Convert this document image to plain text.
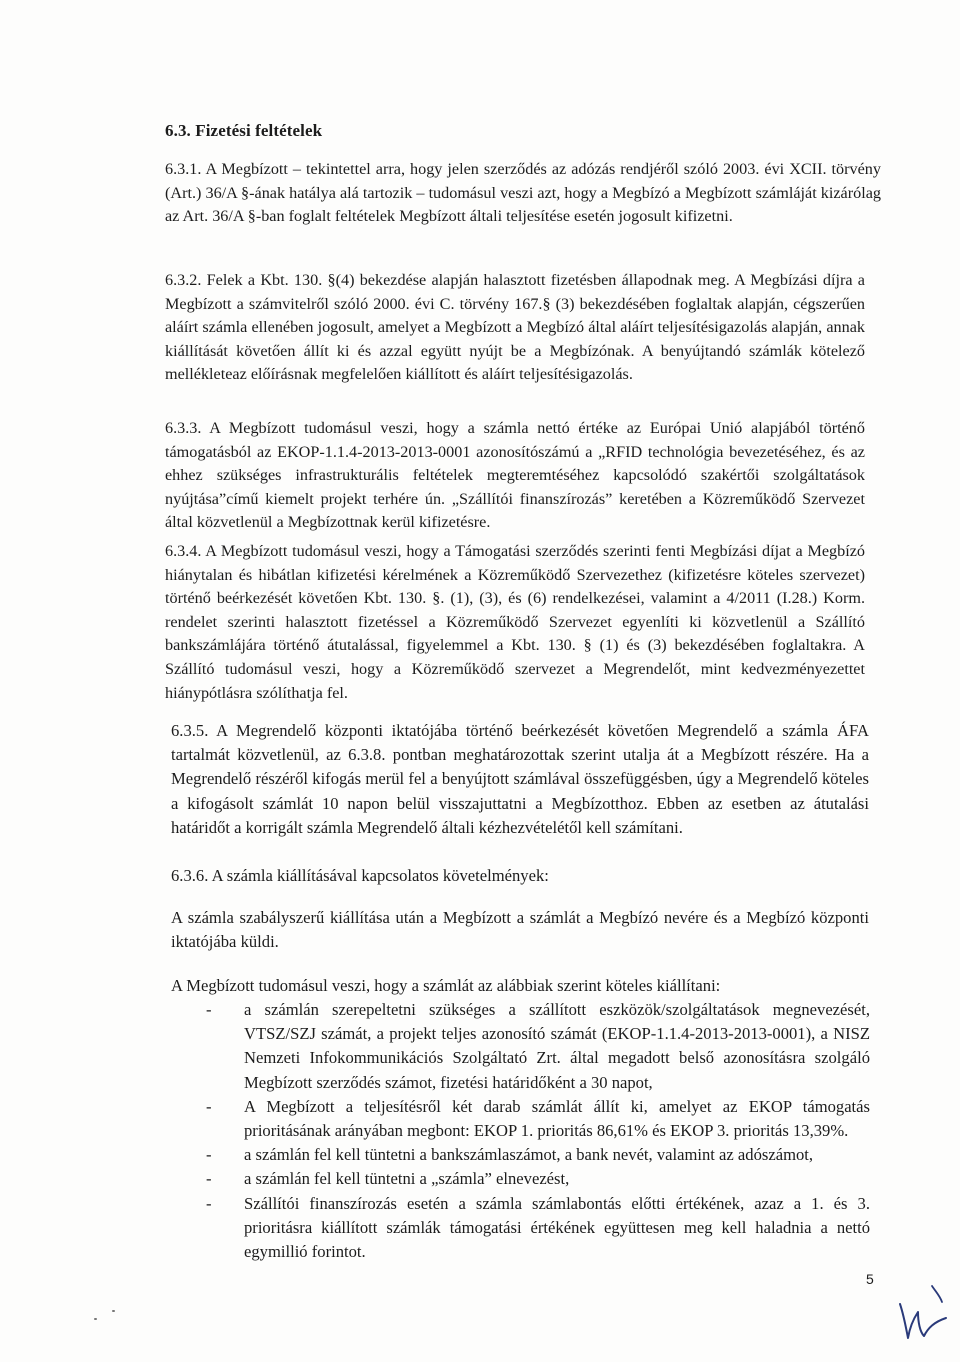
6.3. Fizetési feltételek

6.3.1. A Megbízott – tekintettel arra, hogy jelen szerződés az adózás rendjéről szóló 2003. évi XCII. törvény (Art.) 36/A §-ának hatálya alá tartozik – tudomásul veszi azt, hogy a Megbízó a Megbízott számláját kizárólag az Art. 36/A §-ban foglalt feltételek Megbízott általi teljesítése esetén jogosult kifizetni.

6.3.2. Felek a Kbt. 130. §(4) bekezdése alapján halasztott fizetésben állapodnak meg. A Megbízási díjra a Megbízott a számvitelről szóló 2000. évi C. törvény 167.§ (3) bekezdésében foglaltak alapján, cégszerűen aláírt számla ellenében jogosult, amelyet a Megbízott a Megbízó által aláírt teljesítésigazolás alapján, annak kiállítását követően állít ki és azzal együtt nyújt be a Megbízónak. A benyújtandó számlák kötelező mellékleteaz előírásnak megfelelően kiállított és aláírt teljesítésigazolás.

6.3.3. A Megbízott tudomásul veszi, hogy a számla nettó értéke az Európai Unió alapjából történő támogatásból az EKOP-1.1.4-2013-2013-0001 azonosítószámú a „RFID technológia bevezetéséhez, és az ehhez szükséges infrastrukturális feltételek megteremtéséhez kapcsolódó szakértői szolgáltatások nyújtása”című kiemelt projekt terhére ún. „Szállítói finanszírozás” keretében a Közreműködő Szervezet által közvetlenül a Megbízottnak kerül kifizetésre.

6.3.4. A Megbízott tudomásul veszi, hogy a Támogatási szerződés szerinti fenti Megbízási díjat a Megbízó hiánytalan és hibátlan kifizetési kérelmének a Közreműködő Szervezethez (kifizetésre köteles szervezet) történő beérkezését követően Kbt. 130. §. (1), (3), és (6) rendelkezései, valamint a 4/2011 (I.28.) Korm. rendelet szerinti halasztott fizetéssel a Közreműködő Szervezet egyenlíti ki közvetlenül a Szállító bankszámlájára történő átutalással, figyelemmel a Kbt. 130. § (1) és (3) bekezdésében foglaltakra. A Szállító tudomásul veszi, hogy a Közreműködő szervezet a Megrendelőt, mint kedvezményezettet hiánypótlásra szólíthatja fel.

6.3.5. A Megrendelő központi iktatójába történő beérkezését követően Megrendelő a számla ÁFA tartalmát közvetlenül, az 6.3.8. pontban meghatározottak szerint utalja át a Megbízott részére. Ha a Megrendelő részéről kifogás merül fel a benyújtott számlával összefüggésben, úgy a Megrendelő köteles a kifogásolt számlát 10 napon belül visszajuttatni a Megbízotthoz. Ebben az esetben az átutalási határidőt a korrigált számla Megrendelő általi kézhezvételétől kell számítani.

6.3.6. A számla kiállításával kapcsolatos követelmények:

A számla szabályszerű kiállítása után a Megbízott a számlát a Megbízó nevére és a Megbízó központi iktatójába küldi.

A Megbízott tudomásul veszi, hogy a számlát az alábbiak szerint köteles kiállítani:

- a számlán szerepeltetni szükséges a szállított eszközök/szolgáltatások megnevezését, VTSZ/SZJ számát, a projekt teljes azonosító számát (EKOP-1.1.4-2013-2013-0001), a NISZ Nemzeti Infokommunikációs Szolgáltató Zrt. által megadott belső azonosításra szolgáló Megbízott szerződés számot, fizetési határidőként a 30 napot,
- A Megbízott a teljesítésről két darab számlát állít ki, amelyet az EKOP támogatás prioritásának arányában megbont: EKOP 1. prioritás 86,61% és EKOP 3. prioritás 13,39%.
- a számlán fel kell tüntetni a bankszámlaszámot, a bank nevét, valamint az adószámot,
- a számlán fel kell tüntetni a „számla” elnevezést,
- Szállítói finanszírozás esetén a számla számlabontás előtti értékének, azaz a 1. és 3. prioritásra kiállított számlák támogatási értékének együttesen meg kell haladnia a nettó egymillió forintot.
5
